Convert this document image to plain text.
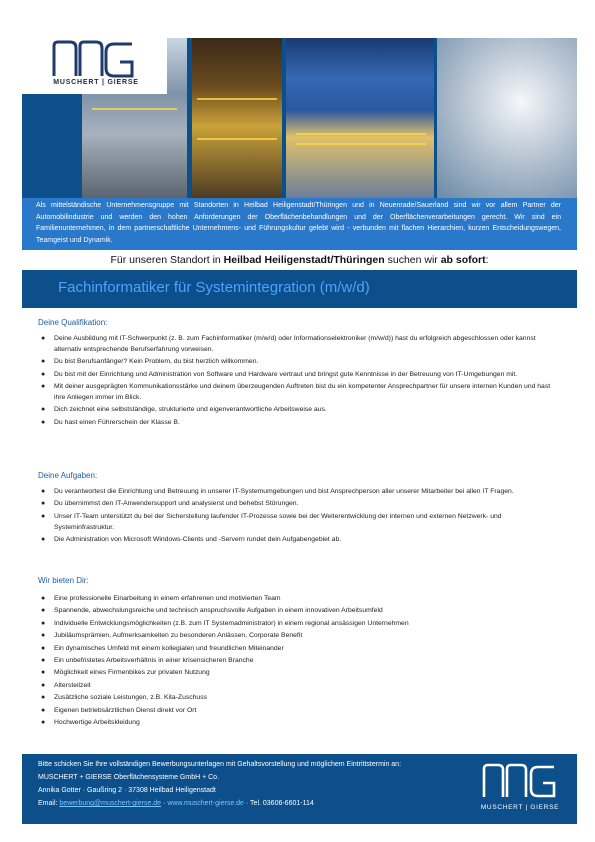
MUSCHERT | GIERSE
Als mittelständische Unternehmensgruppe mit Standorten in Heilbad Heiligenstadt/Thüringen und in Neuenrade/Sauerland sind wir vor allem Partner der Automobilindustrie und werden den hohen Anforderungen der Oberflächenbehandlungen und der Oberflächenverarbeitungen gerecht. Wir sind ein Familienunternehmen, in dem partnerschaftliche Unternehmens- und Führungskultur gelebt wird - verbunden mit flachen Hierarchien, kurzen Entscheidungswegen, Teamgeist und Dynamik.
Für unseren Standort in Heilbad Heiligenstadt/Thüringen suchen wir ab sofort:
Fachinformatiker für Systemintegration (m/w/d)
Deine Qualifikation:
● Deine Ausbildung mit IT-Schwerpunkt (z. B. zum Fachinformatiker (m/w/d) oder Informationselektroniker (m/w/d)) hast du erfolgreich abgeschlossen oder kannst alternativ entsprechende Berufserfahrung vorweisen.
● Du bist Berufsanfänger? Kein Problem, du bist herzlich willkommen.
● Du bist mit der Einrichtung und Administration von Software und Hardware vertraut und bringst gute Kenntnisse in der Betreuung von IT-Umgebungen mit.
● Mit deiner ausgeprägten Kommunikationsstärke und deinem überzeugenden Auftreten bist du ein kompetenter Ansprechpartner für unsere internen Kunden und hast ihre Anliegen immer im Blick.
● Dich zeichnet eine selbstständige, strukturierte und eigenverantwortliche Arbeitsweise aus.
● Du hast einen Führerschein der Klasse B.
Deine Aufgaben:
● Du verantwortest die Einrichtung und Betreuung in unserer IT-Systemumgebungen und bist Ansprechperson aller unserer Mitarbeiter bei allen IT Fragen.
● Du übernimmst den IT-Anwendersupport und analysierst und behebst Störungen.
● Unser IT-Team unterstützt du bei der Sicherstellung laufender IT-Prozesse sowie bei der Weiterentwicklung der internen und externen Netzwerk- und Systeminfrastruktur.
● Die Administration von Microsoft Windows-Clients und -Servern rundet dein Aufgabengebiet ab.
Wir bieten Dir:
● Eine professionelle Einarbeitung in einem erfahrenen und motivierten Team
● Spannende, abwechslungsreiche und technisch anspruchsvolle Aufgaben in einem innovativen Arbeitsumfeld
● Individuelle Entwicklungsmöglichkeiten (z.B. zum IT Systemadministrator) in einem regional ansässigen Unternehmen
● Jubiläumsprämien, Aufmerksamkeiten zu besonderen Anlässen, Corporate Benefit
● Ein dynamisches Umfeld mit einem kollegialen und freundlichen Miteinander
● Ein unbefristetes Arbeitsverhältnis in einer krisensicheren Branche
● Möglichkeit eines Firmenbikes zur privaten Nutzung
● Altersteilzeit
● Zusätzliche soziale Leistungen, z.B. Kita-Zuschuss
● Eigenen betriebsärztlichen Dienst direkt vor Ort
● Hochwertige Arbeitskleidung
Bitte schicken Sie Ihre vollständigen Bewerbungsunterlagen mit Gehaltsvorstellung und möglichem Eintrittstermin an:
MUSCHERT + GIERSE Oberflächensysteme GmbH + Co.
Annika Gotter · Gaußring 2 · 37308 Heilbad Heiligenstadt
Email: bewerbung@muschert-gierse.de · www.muschert-gierse.de · Tel. 03606-6601-114
MUSCHERT | GIERSE
